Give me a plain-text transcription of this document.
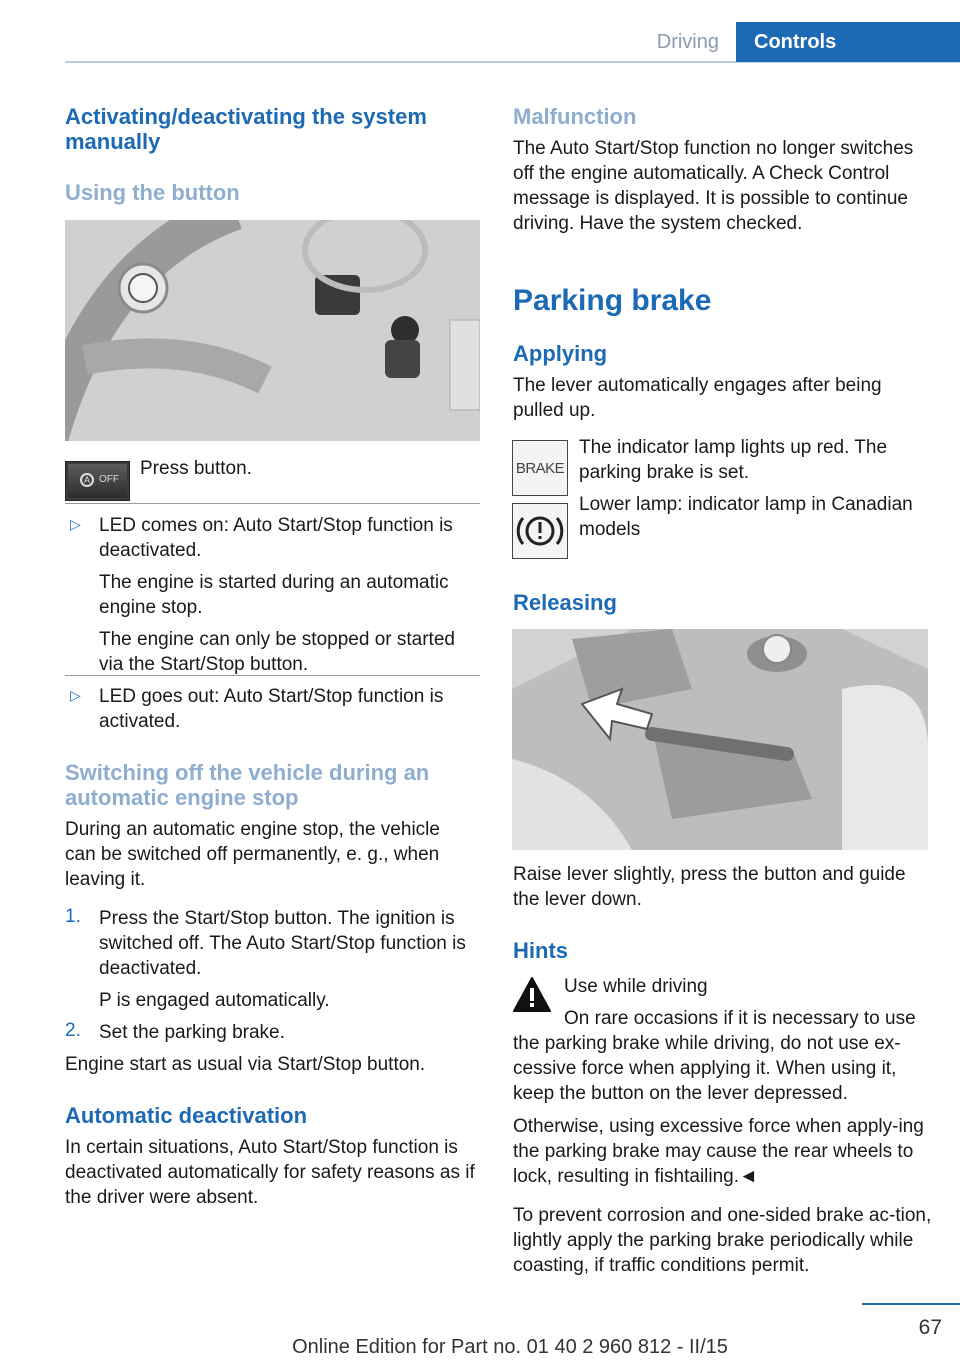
Driving	Controls
Activating/deactivating the system manually
Using the button
A OFF
Press button.
▷ LED comes on: Auto Start/Stop function is deactivated.
The engine is started during an automatic engine stop.
The engine can only be stopped or started via the Start/Stop button.
▷ LED goes out: Auto Start/Stop function is activated.
Switching off the vehicle during an automatic engine stop
During an automatic engine stop, the vehicle can be switched off permanently, e. g., when leaving it.
1. Press the Start/Stop button. The ignition is switched off. The Auto Start/Stop function is deactivated.
P is engaged automatically.
2. Set the parking brake.
Engine start as usual via Start/Stop button.
Automatic deactivation
In certain situations, Auto Start/Stop function is deactivated automatically for safety reasons as if the driver were absent.
Malfunction
The Auto Start/Stop function no longer switches off the engine automatically. A Check Control message is displayed. It is possible to continue driving. Have the system checked.
Parking brake
Applying
The lever automatically engages after being pulled up.
BRAKE
The indicator lamp lights up red. The parking brake is set.
Lower lamp: indicator lamp in Canadian models
Releasing
Raise lever slightly, press the button and guide the lever down.
Hints
Use while driving
On rare occasions if it is necessary to use the parking brake while driving, do not use ex‐cessive force when applying it. When using it, keep the button on the lever depressed.
Otherwise, using excessive force when apply‐ing the parking brake may cause the rear wheels to lock, resulting in fishtailing.◄
To prevent corrosion and one-sided brake ac‐tion, lightly apply the parking brake periodically while coasting, if traffic conditions permit.
67
Online Edition for Part no. 01 40 2 960 812 - II/15
